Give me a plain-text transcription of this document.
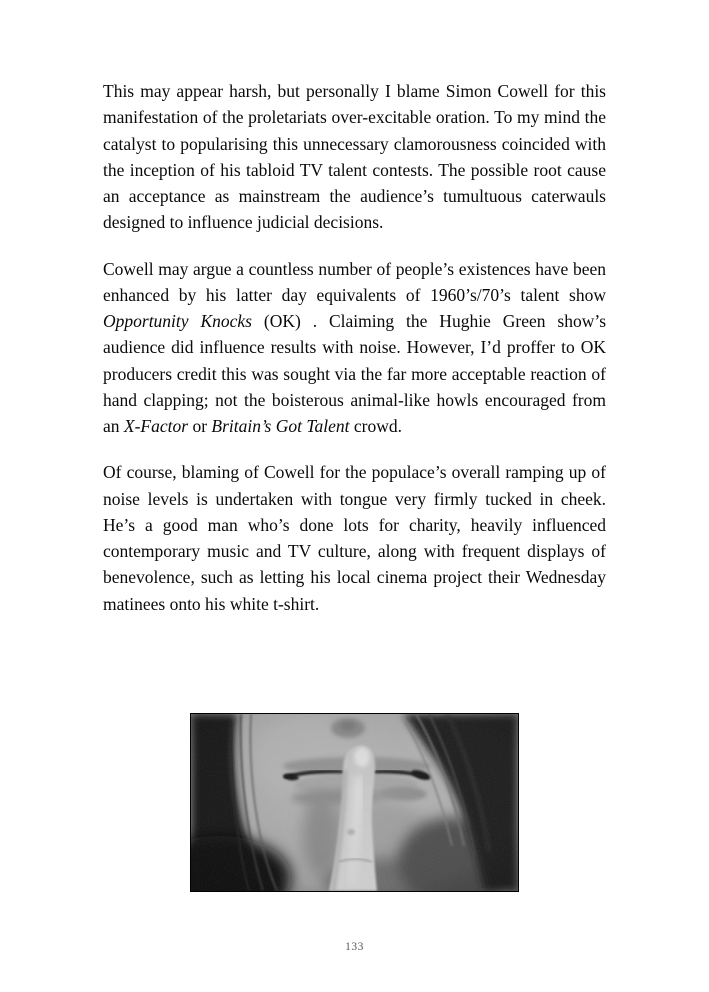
This may appear harsh, but personally I blame Simon Cowell for this manifestation of the proletariats over-excitable oration. To my mind the catalyst to popularising this unnecessary clamorousness coincided with the inception of his tabloid TV talent contests. The possible root cause an acceptance as mainstream the audience’s tumultuous caterwauls designed to influence judicial decisions.

Cowell may argue a countless number of people’s existences have been enhanced by his latter day equivalents of 1960’s/70’s talent show Opportunity Knocks (OK) . Claiming the Hughie Green show’s audience did influence results with noise. However, I’d proffer to OK producers credit this was sought via the far more acceptable reaction of hand clapping; not the boisterous animal-like howls encouraged from an X-Factor or Britain’s Got Talent crowd.

Of course, blaming of Cowell for the populace’s overall ramping up of noise levels is undertaken with tongue very firmly tucked in cheek. He’s a good man who’s done lots for charity, heavily influenced contemporary music and TV culture, along with frequent displays of benevolence, such as letting his local cinema project their Wednesday matinees onto his white t-shirt.

133
